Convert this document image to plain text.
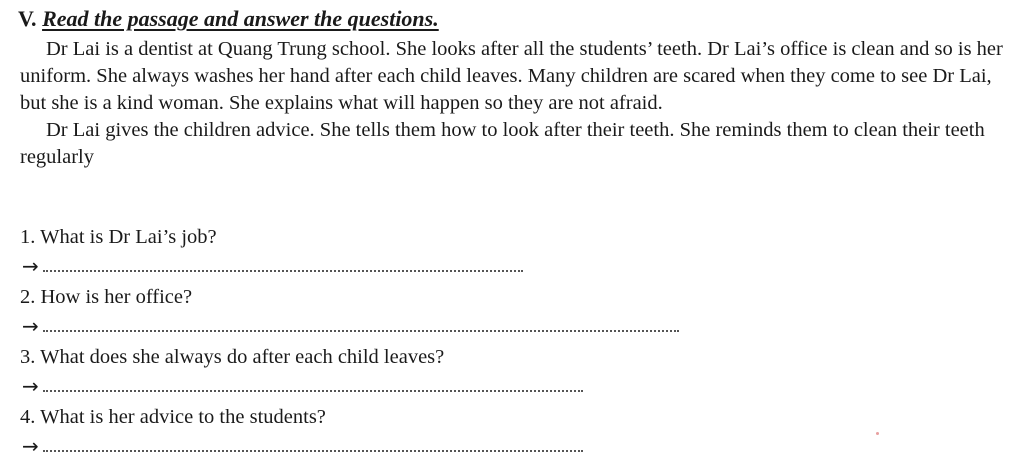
V. Read the passage and answer the questions.

Dr Lai is a dentist at Quang Trung school. She looks after all the students’ teeth. Dr Lai’s office is clean and so is her uniform. She always washes her hand after each child leaves. Many children are scared when they come to see Dr Lai, but she is a kind woman. She explains what will happen so they are not afraid.

Dr Lai gives the children advice. She tells them how to look after their teeth. She reminds them to clean their teeth regularly

1. What is Dr Lai’s job?
→
2. How is her office?
→
3. What does she always do after each child leaves?
→
4. What is her advice to the students?
→
